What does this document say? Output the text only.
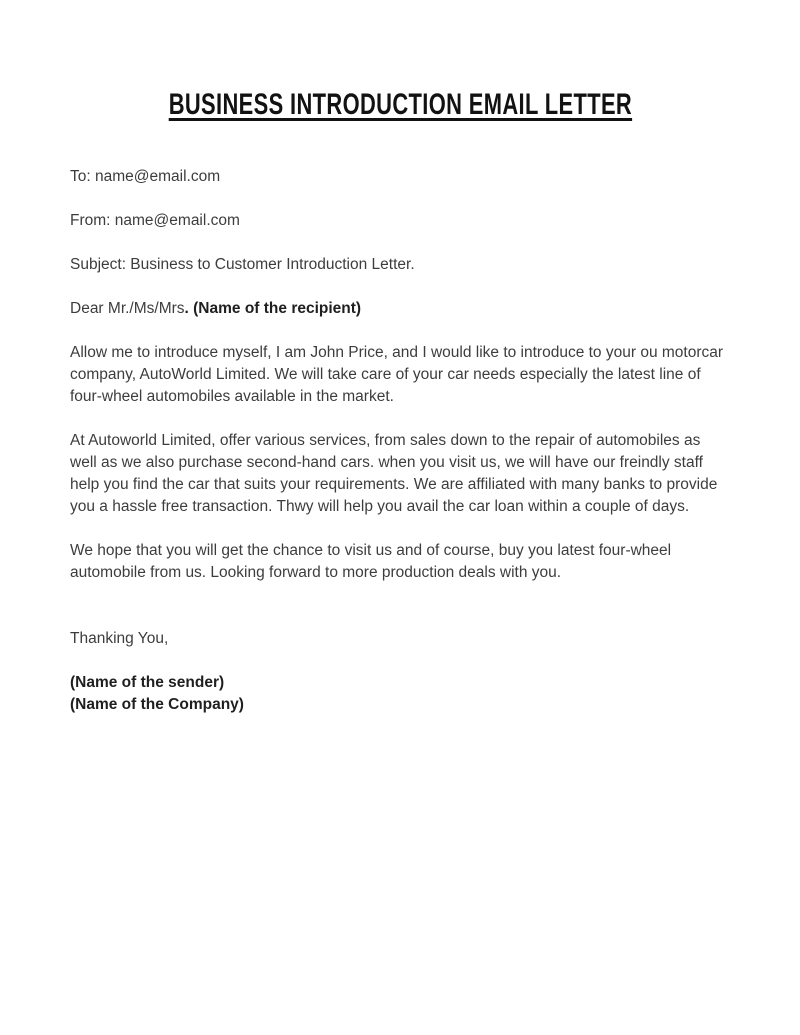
BUSINESS INTRODUCTION EMAIL LETTER

To: name@email.com

From: name@email.com

Subject: Business to Customer Introduction Letter.

Dear Mr./Ms/Mrs. (Name of the recipient)

Allow me to introduce myself, I am John Price, and I would like to introduce to your ou motorcar company, AutoWorld Limited. We will take care of your car needs especially the latest line of four-wheel automobiles available in the market.

At Autoworld Limited, offer various services, from sales down to the repair of automobiles as well as we also purchase second-hand cars. when you visit us, we will have our freindly staff help you find the car that suits your requirements. We are affiliated with many banks to provide you a hassle free transaction. Thwy will help you avail the car loan within a couple of days.

We hope that you will get the chance to visit us and of course, buy you latest four-wheel automobile from us. Looking forward to more production deals with you.

Thanking You,

(Name of the sender)
(Name of the Company)
